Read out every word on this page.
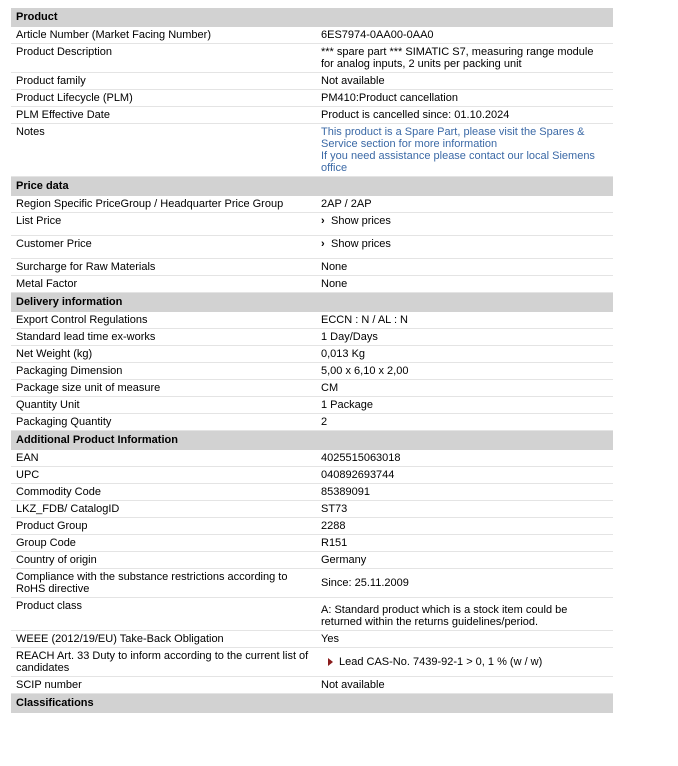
Product
Article Number (Market Facing Number)	6ES7974-0AA00-0AA0
Product Description	*** spare part *** SIMATIC S7, measuring range module for analog inputs, 2 units per packing unit
Product family	Not available
Product Lifecycle (PLM)	PM410:Product cancellation
PLM Effective Date	Product is cancelled since: 01.10.2024
Notes	This product is a Spare Part, please visit the Spares & Service section for more information
If you need assistance please contact our local Siemens office
Price data
Region Specific PriceGroup / Headquarter Price Group	2AP / 2AP
List Price	› Show prices
Customer Price	› Show prices
Surcharge for Raw Materials	None
Metal Factor	None
Delivery information
Export Control Regulations	ECCN : N / AL : N
Standard lead time ex-works	1 Day/Days
Net Weight (kg)	0,013 Kg
Packaging Dimension	5,00 x 6,10 x 2,00
Package size unit of measure	CM
Quantity Unit	1 Package
Packaging Quantity	2
Additional Product Information
EAN	4025515063018
UPC	040892693744
Commodity Code	85389091
LKZ_FDB/ CatalogID	ST73
Product Group	2288
Group Code	R151
Country of origin	Germany
Compliance with the substance restrictions according to RoHS directive	Since: 25.11.2009
Product class	A: Standard product which is a stock item could be returned within the returns guidelines/period.
WEEE (2012/19/EU) Take-Back Obligation	Yes
REACH Art. 33 Duty to inform according to the current list of candidates	Lead CAS-No. 7439-92-1 > 0, 1 % (w / w)
SCIP number	Not available
Classifications
